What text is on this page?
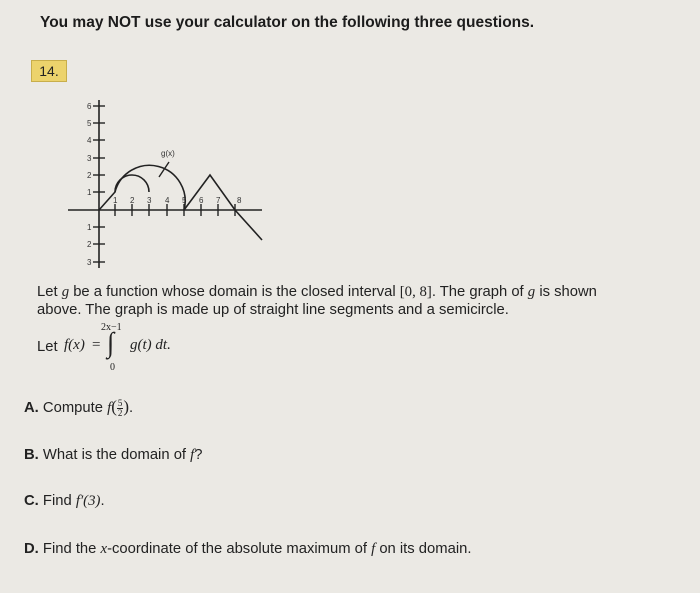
You may NOT use your calculator on the following three questions.
14.
6
5
4
3
2
1
1
2
3
1 2 3 4 5 6 7 8
g(x)
Let g be a function whose domain is the closed interval [0, 8]. The graph of g is shown
above. The graph is made up of straight line segments and a semicircle.
Let f(x) =
2x−1
∫
0
g(t) dt.
A. Compute $f( \frac{5}{2}$ ).
B. What is the domain of f?
C. Find f′(3).
D. Find the x-coordinate of the absolute maximum of f on its domain.
